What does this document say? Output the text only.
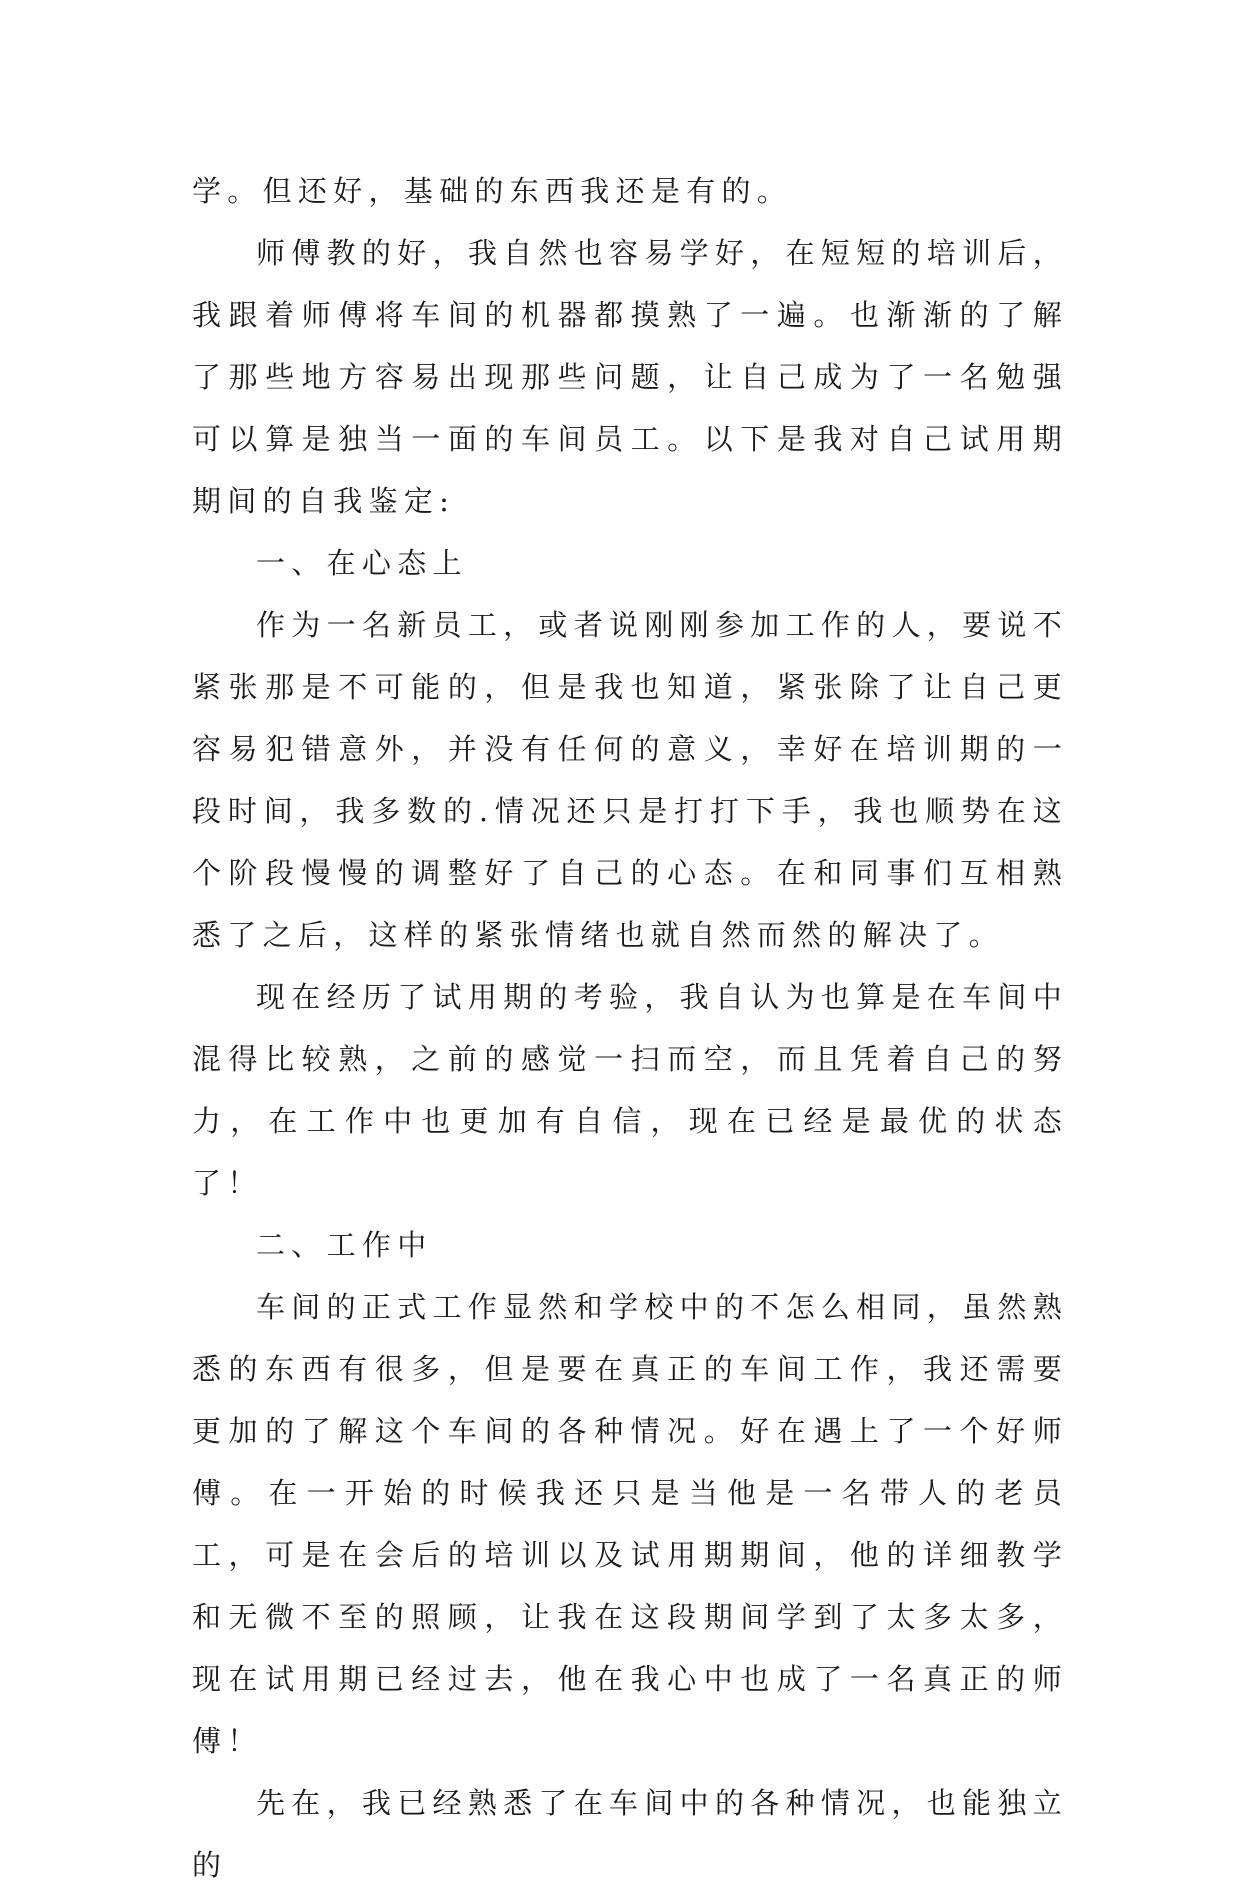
学。但还好，基础的东西我还是有的。

师傅教的好，我自然也容易学好，在短短的培训后，我跟着师傅将车间的机器都摸熟了一遍。也渐渐的了解了那些地方容易出现那些问题，让自己成为了一名勉强可以算是独当一面的车间员工。以下是我对自己试用期期间的自我鉴定:

一、在心态上

作为一名新员工，或者说刚刚参加工作的人，要说不紧张那是不可能的，但是我也知道，紧张除了让自己更容易犯错意外，并没有任何的意义，幸好在培训期的一段时间，我多数的.情况还只是打打下手，我也顺势在这个阶段慢慢的调整好了自己的心态。在和同事们互相熟悉了之后，这样的紧张情绪也就自然而然的解决了。

现在经历了试用期的考验，我自认为也算是在车间中混得比较熟，之前的感觉一扫而空，而且凭着自己的努力，在工作中也更加有自信，现在已经是最优的状态了！

二、工作中

车间的正式工作显然和学校中的不怎么相同，虽然熟悉的东西有很多，但是要在真正的车间工作，我还需要更加的了解这个车间的各种情况。好在遇上了一个好师傅。在一开始的时候我还只是当他是一名带人的老员工，可是在会后的培训以及试用期期间，他的详细教学和无微不至的照顾，让我在这段期间学到了太多太多，现在试用期已经过去，他在我心中也成了一名真正的师傅！

先在，我已经熟悉了在车间中的各种情况，也能独立的
